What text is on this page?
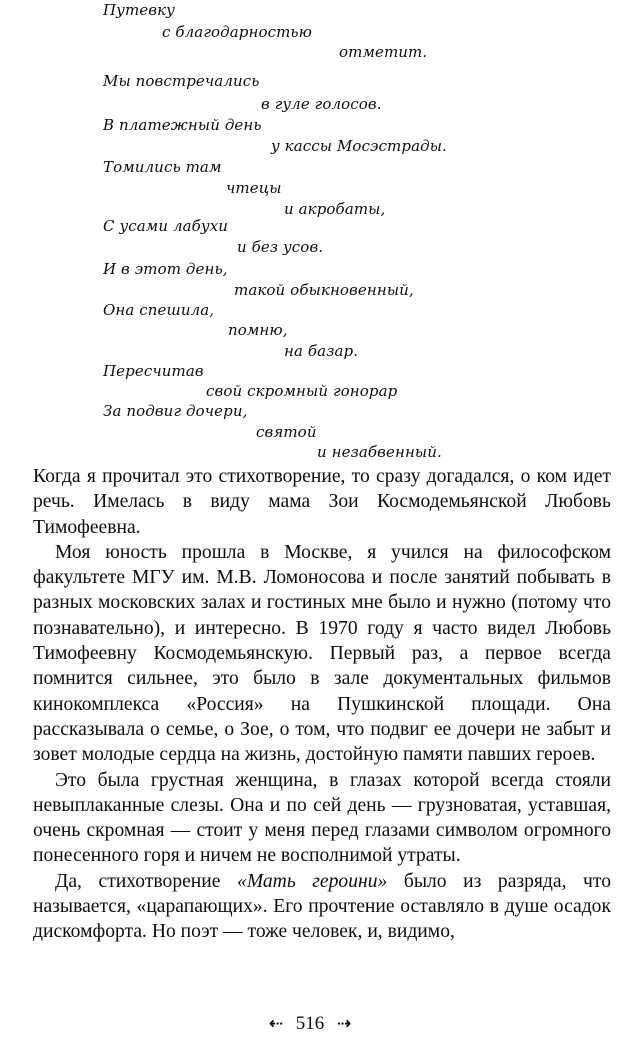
Путевку
с благодарностью
отметит.
Мы повстречались
в гуле голосов.
В платежный день
у кассы Мосэстрады.
Томились там
чтецы
и акробаты,
С усами лабухи
и без усов.
И в этот день,
такой обыкновенный,
Она спешила,
помню,
на базар.
Пересчитав
свой скромный гонорар
За подвиг дочери,
святой
и незабвенный.

Когда я прочитал это стихотворение, то сразу догадался, о ком идет речь. Имелась в виду мама Зои Космодемьянской Любовь Тимофеевна.

Моя юность прошла в Москве, я учился на философском факультете МГУ им. М.В. Ломоносова и после занятий побывать в разных московских залах и гостиных мне было и нужно (потому что познавательно), и интересно. В 1970 году я часто видел Любовь Тимофеевну Космодемьянскую. Первый раз, а первое всегда помнится сильнее, это было в зале документальных фильмов кинокомплекса «Россия» на Пушкинской площади. Она рассказывала о семье, о Зое, о том, что подвиг ее дочери не забыт и зовет молодые сердца на жизнь, достойную памяти павших героев.

Это была грустная женщина, в глазах которой всегда стояли невыплаканные слезы. Она и по сей день — грузноватая, уставшая, очень скромная — стоит у меня перед глазами символом огромного понесенного горя и ничем не восполнимой утраты.

Да, стихотворение «Мать героини» было из разряда, что называется, «царапающих». Его прочтение оставляло в душе осадок дискомфорта. Но поэт — тоже человек, и, видимо,

⇠ 516 ⇢
